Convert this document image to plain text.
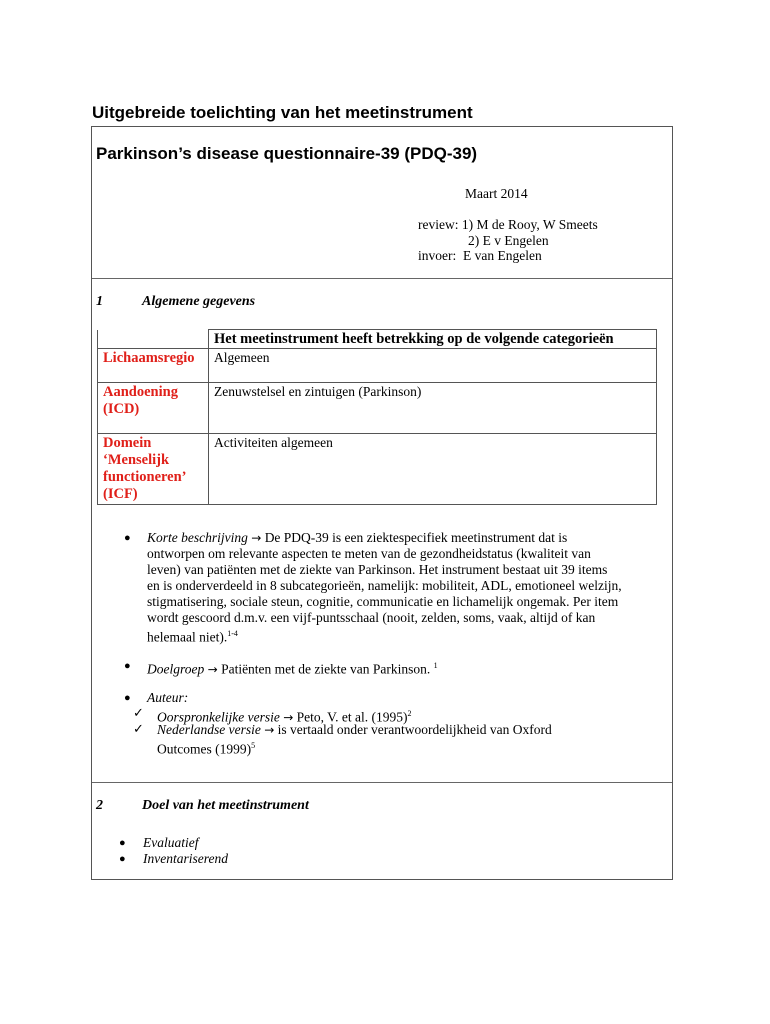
Uitgebreide toelichting van het meetinstrument
Parkinson’s disease questionnaire-39 (PDQ-39)
Maart 2014
review: 1) M de Rooy, W Smeets
2) E v Engelen
invoer:  E van Engelen
1	Algemene gegevens
	Het meetinstrument heeft betrekking op de volgende categorieën
Lichaamsregio	Algemeen
Aandoening (ICD)	Zenuwstelsel en zintuigen (Parkinson)
Domein ‘Menselijk functioneren’ (ICF)	Activiteiten algemeen
● Korte beschrijving → De PDQ-39 is een ziektespecifiek meetinstrument dat is ontworpen om relevante aspecten te meten van de gezondheidstatus (kwaliteit van leven) van patiënten met de ziekte van Parkinson. Het instrument bestaat uit 39 items en is onderverdeeld in 8 subcategorieën, namelijk: mobiliteit, ADL, emotioneel welzijn, stigmatisering, sociale steun, cognitie, communicatie en lichamelijk ongemak. Per item wordt gescoord d.m.v. een vijf-puntsschaal (nooit, zelden, soms, vaak, altijd of kan helemaal niet).$^{1-4}$
● Doelgroep → Patiënten met de ziekte van Parkinson. $^1$
● Auteur:
✓ Oorspronkelijke versie → Peto, V. et al. $(1995)^2$
✓ Nederlandse versie → is vertaald onder verantwoordelijkheid van Oxford Outcomes $(1999)^5$
2	Doel van het meetinstrument
● Evaluatief
● Inventariserend
